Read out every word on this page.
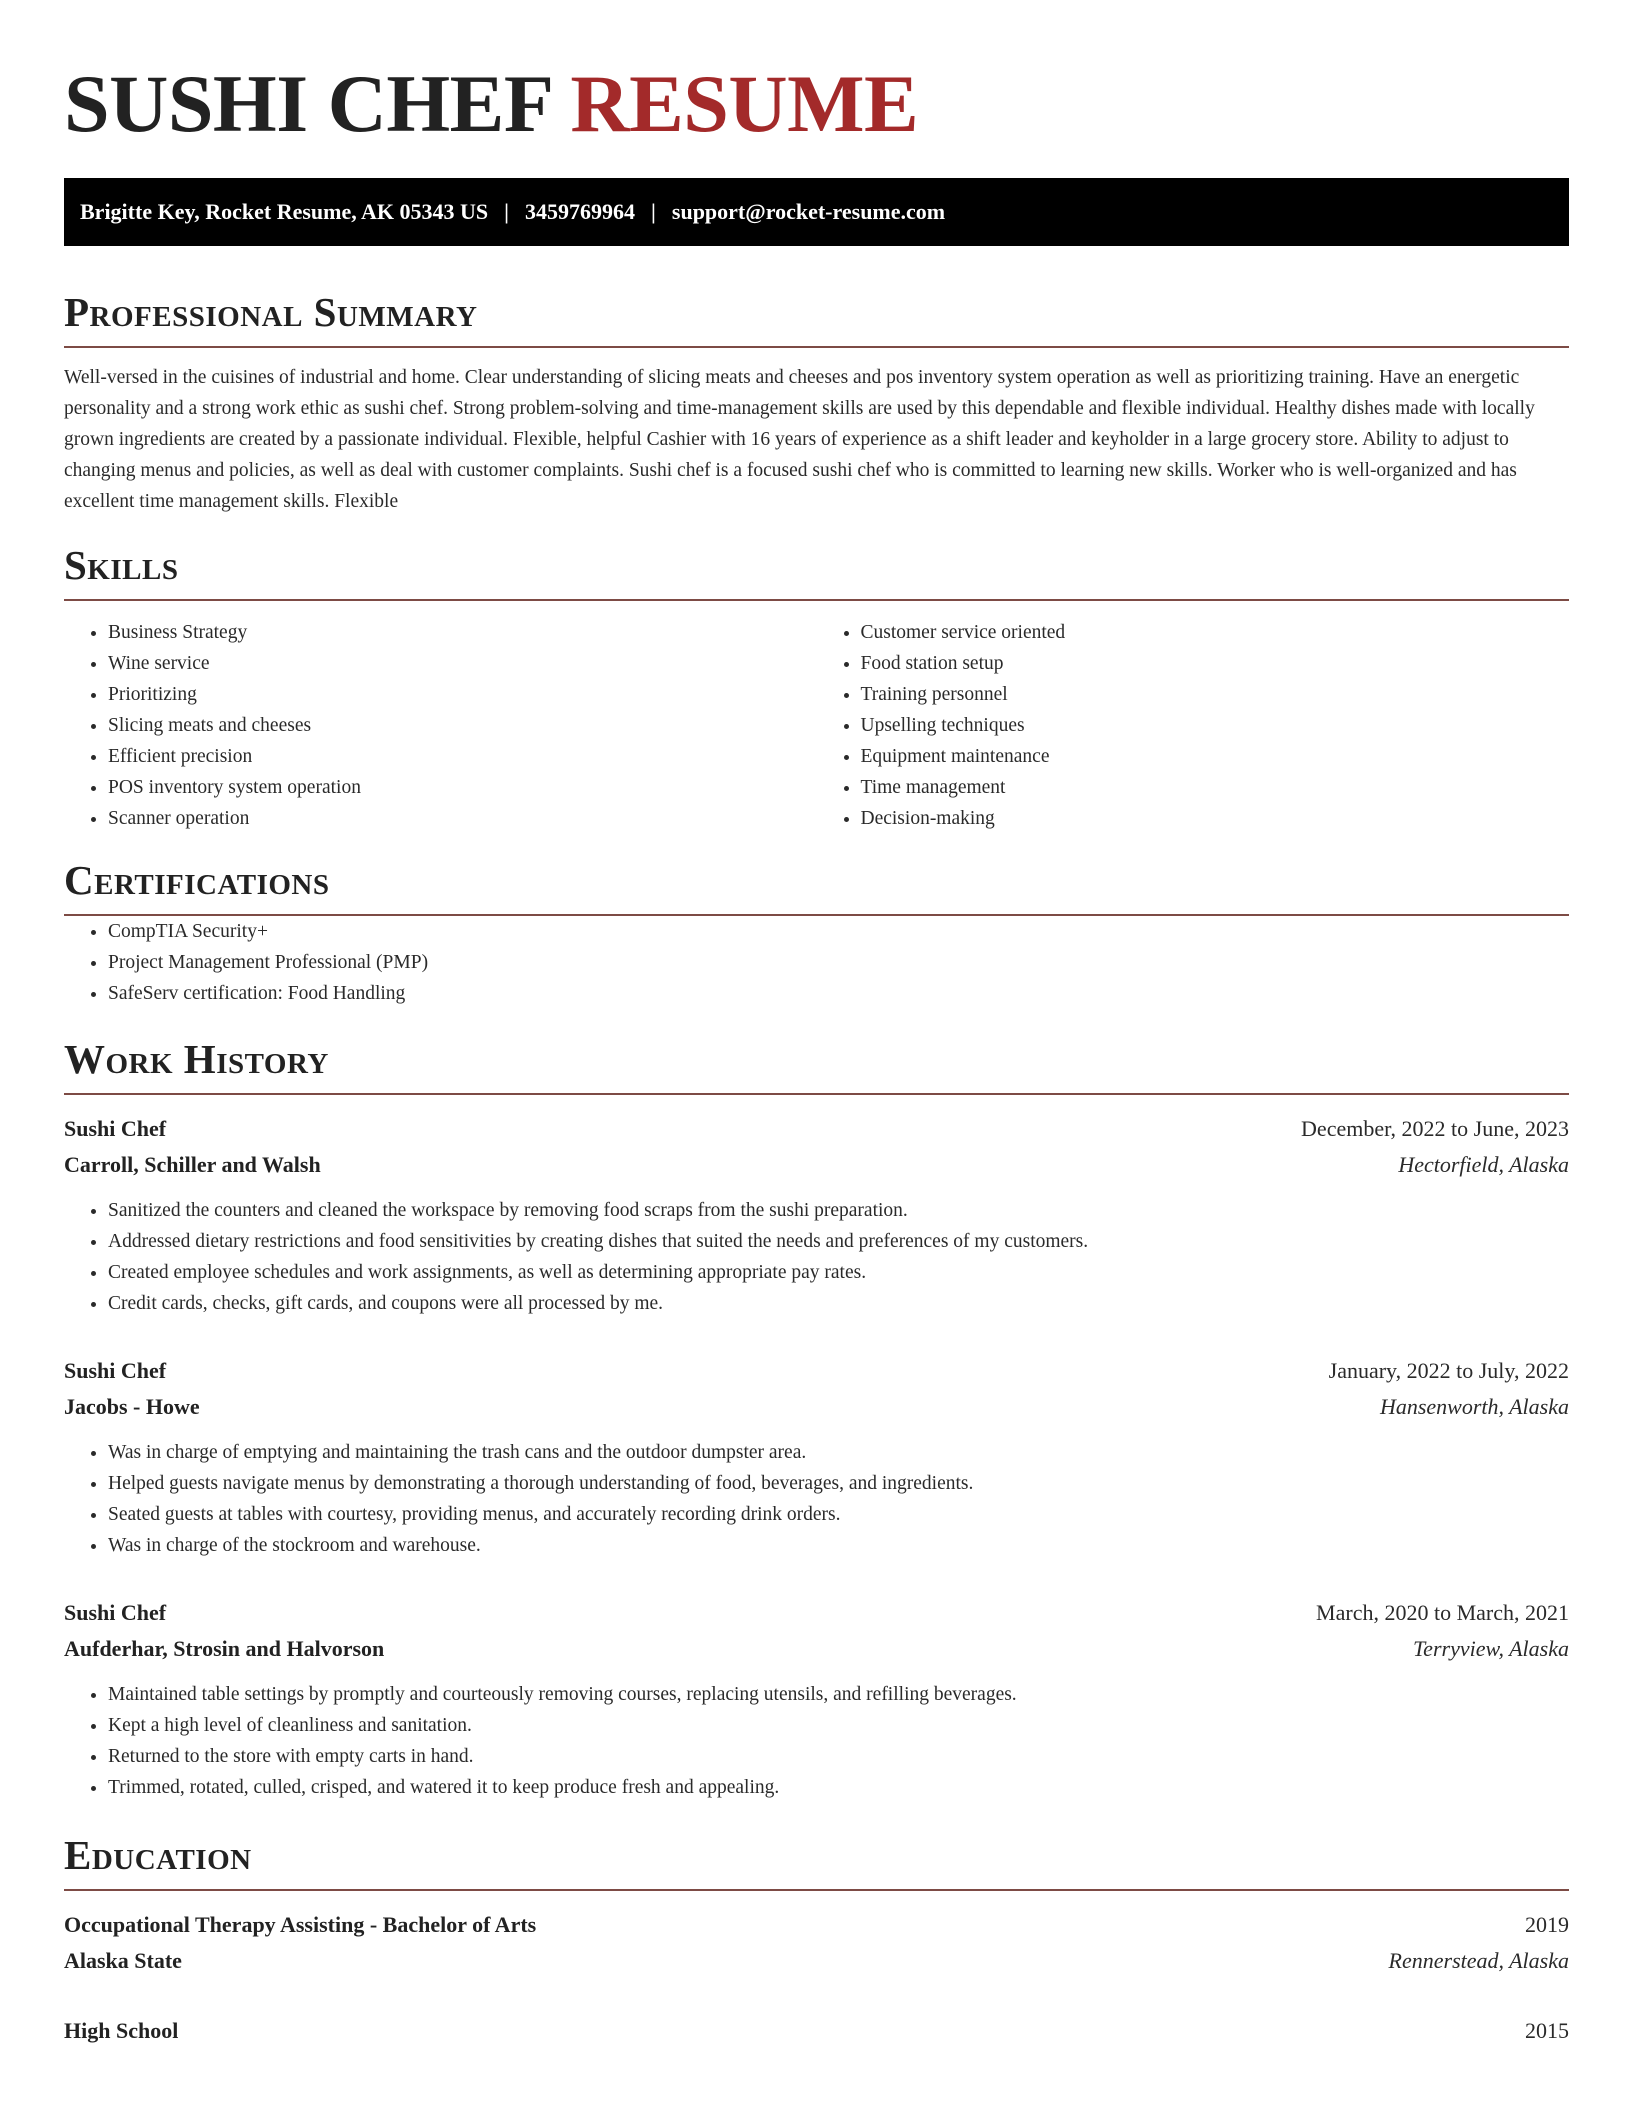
SUSHI CHEF RESUME
Brigitte Key, Rocket Resume, AK 05343 US | 3459769964 | support@rocket-resume.com
Professional Summary

Well-versed in the cuisines of industrial and home. Clear understanding of slicing meats and cheeses and pos inventory system operation as well as prioritizing training. Have an energetic personality and a strong work ethic as sushi chef. Strong problem-solving and time-management skills are used by this dependable and flexible individual. Healthy dishes made with locally grown ingredients are created by a passionate individual. Flexible, helpful Cashier with 16 years of experience as a shift leader and keyholder in a large grocery store. Ability to adjust to changing menus and policies, as well as deal with customer complaints. Sushi chef is a focused sushi chef who is committed to learning new skills. Worker who is well-organized and has excellent time management skills. Flexible

Skills
• Business Strategy
• Wine service
• Prioritizing
• Slicing meats and cheeses
• Efficient precision
• POS inventory system operation
• Scanner operation
• Customer service oriented
• Food station setup
• Training personnel
• Upselling techniques
• Equipment maintenance
• Time management
• Decision-making
Certifications
• CompTIA Security+
• Project Management Professional (PMP)
• SafeServ certification: Food Handling
Work History
Sushi Chef	December, 2022 to June, 2023
Carroll, Schiller and Walsh	Hectorfield, Alaska
• Sanitized the counters and cleaned the workspace by removing food scraps from the sushi preparation.
• Addressed dietary restrictions and food sensitivities by creating dishes that suited the needs and preferences of my customers.
• Created employee schedules and work assignments, as well as determining appropriate pay rates.
• Credit cards, checks, gift cards, and coupons were all processed by me.
Sushi Chef	January, 2022 to July, 2022
Jacobs - Howe	Hansenworth, Alaska
• Was in charge of emptying and maintaining the trash cans and the outdoor dumpster area.
• Helped guests navigate menus by demonstrating a thorough understanding of food, beverages, and ingredients.
• Seated guests at tables with courtesy, providing menus, and accurately recording drink orders.
• Was in charge of the stockroom and warehouse.
Sushi Chef	March, 2020 to March, 2021
Aufderhar, Strosin and Halvorson	Terryview, Alaska
• Maintained table settings by promptly and courteously removing courses, replacing utensils, and refilling beverages.
• Kept a high level of cleanliness and sanitation.
• Returned to the store with empty carts in hand.
• Trimmed, rotated, culled, crisped, and watered it to keep produce fresh and appealing.
Education
Occupational Therapy Assisting - Bachelor of Arts	2019
Alaska State	Rennerstead, Alaska
High School	2015
